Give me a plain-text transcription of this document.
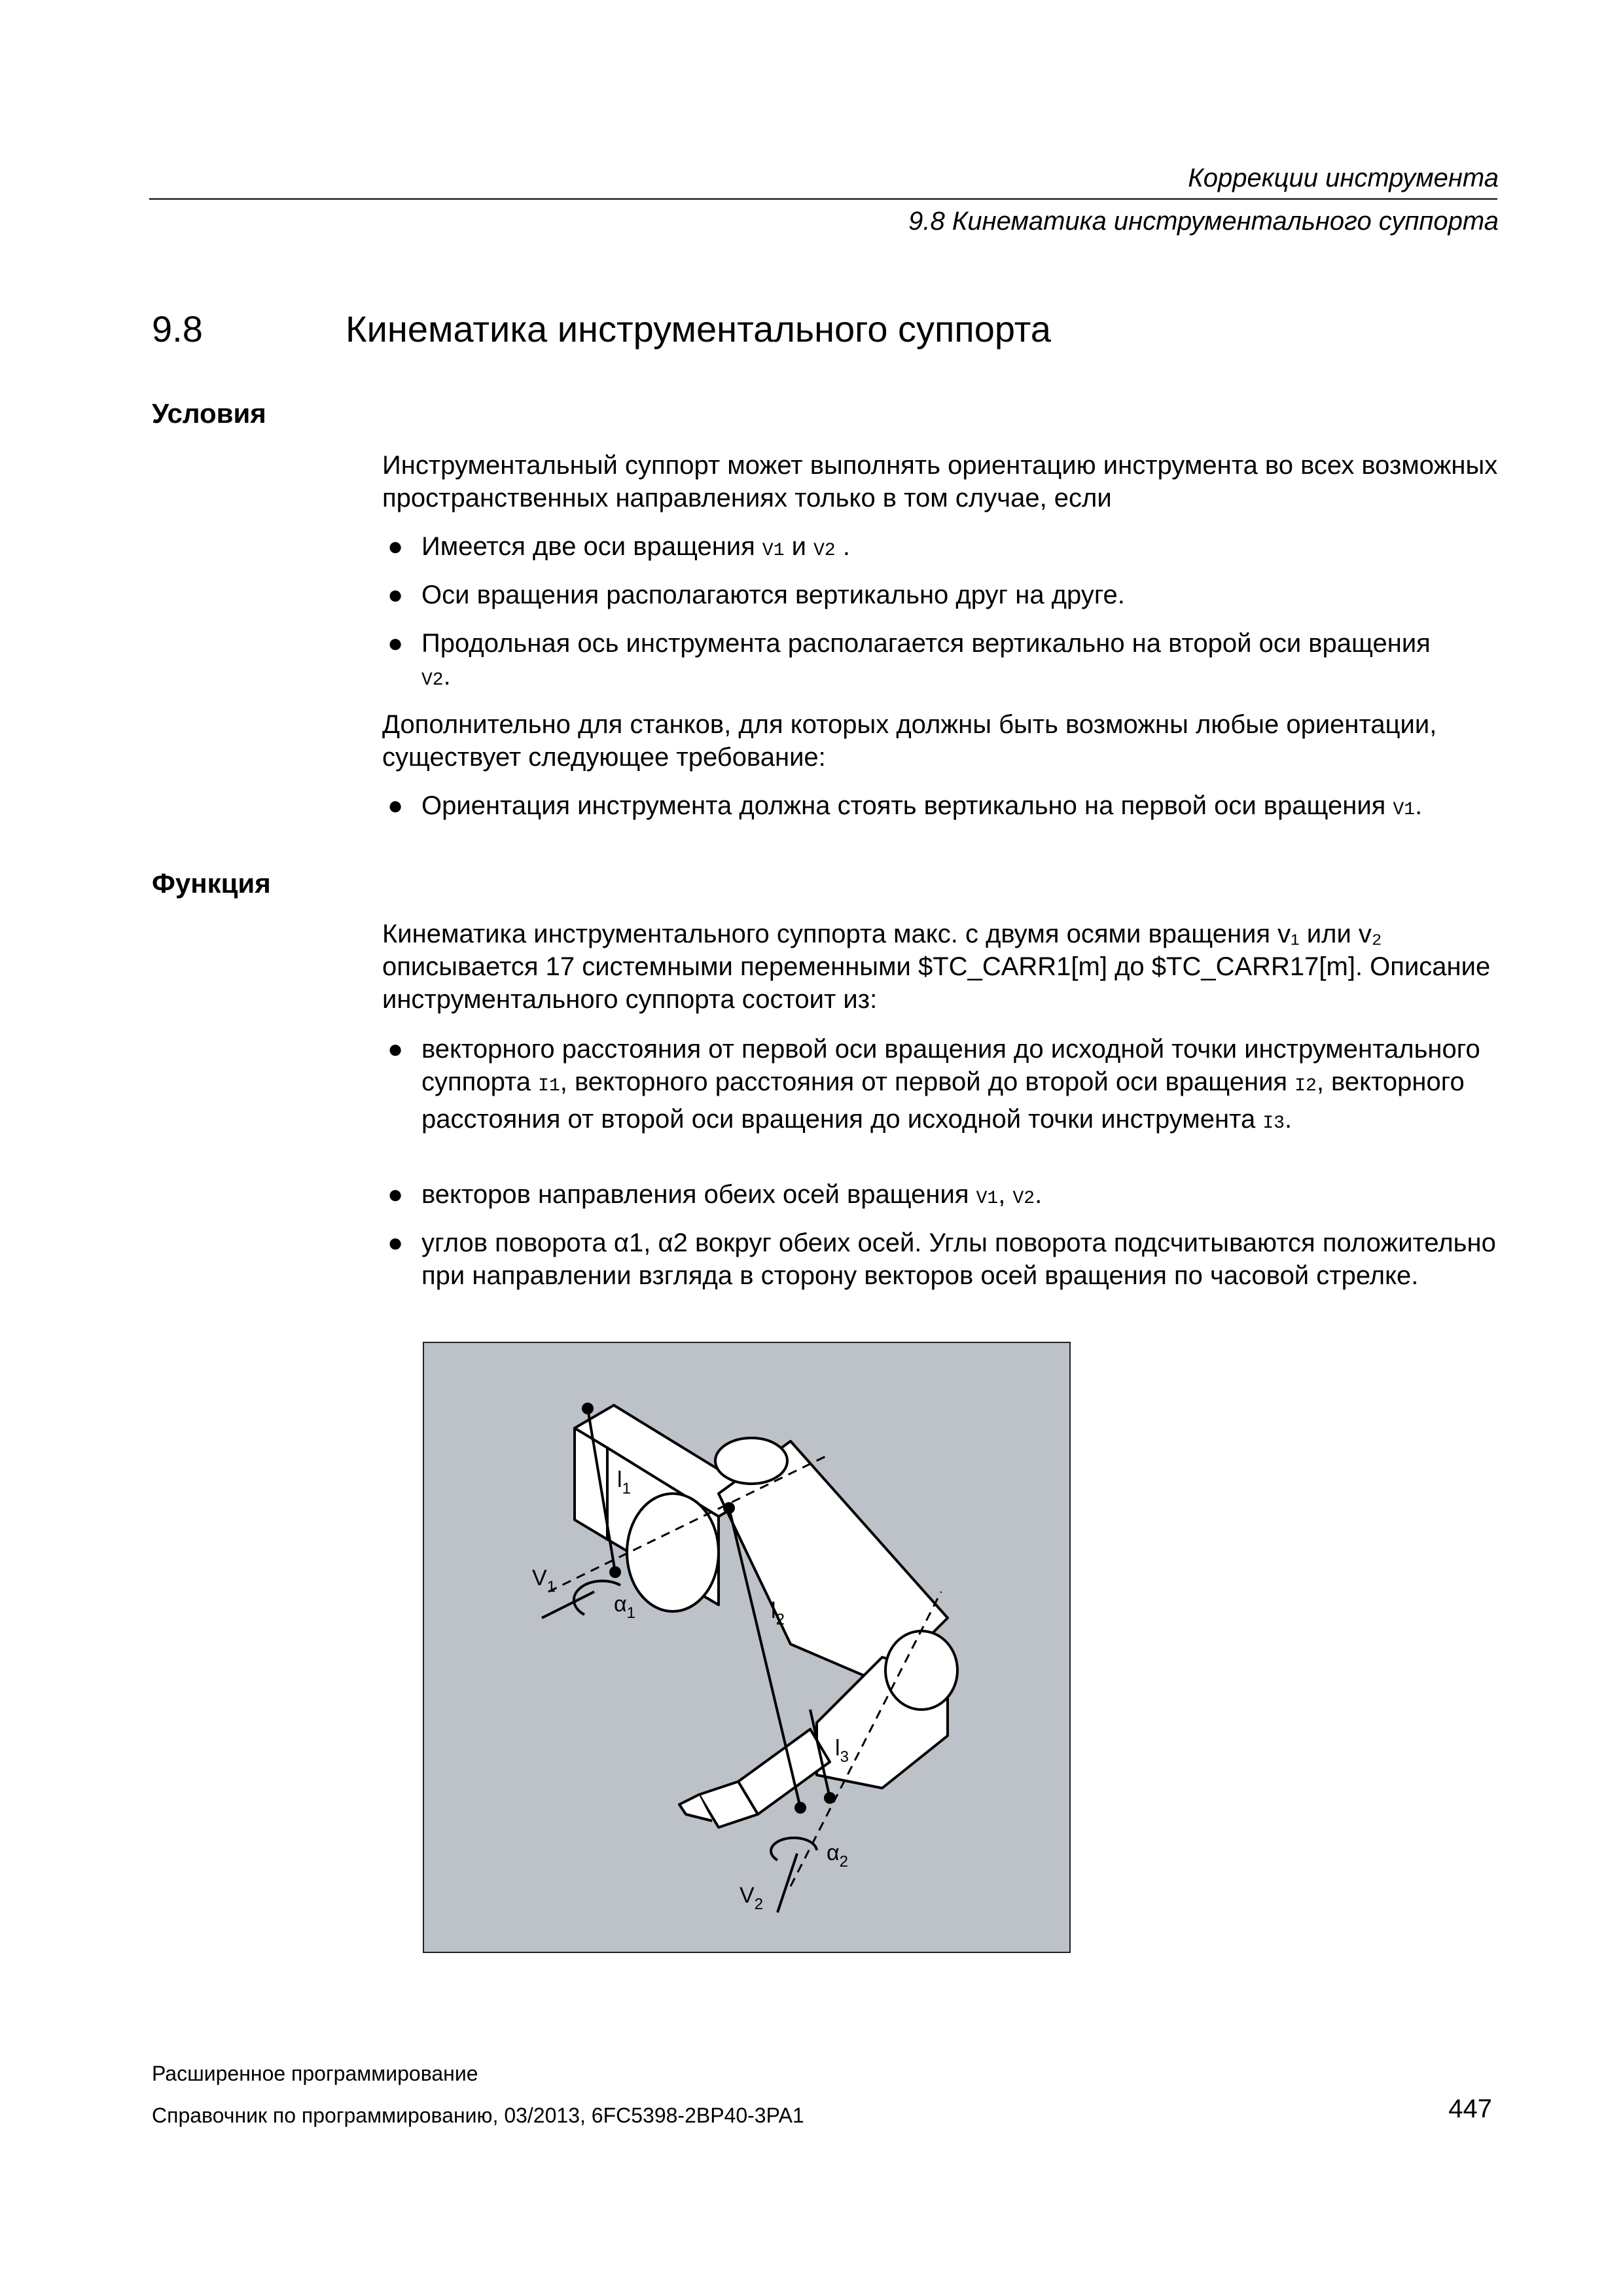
Коррекции инструмента
9.8 Кинематика инструментального суппорта
9.8	Кинематика инструментального суппорта
Условия
Инструментальный суппорт может выполнять ориентацию инструмента во всех возможных пространственных направлениях только в том случае, если
● Имеется две оси вращения V1 и V2 .
● Оси вращения располагаются вертикально друг на друге.
● Продольная ось инструмента располагается вертикально на второй оси вращения
V2.
Дополнительно для станков, для которых должны быть возможны любые ориентации, существует следующее требование:
● Ориентация инструмента должна стоять вертикально на первой оси вращения V1.
Функция
Кинематика инструментального суппорта макс. с двумя осями вращения v₁ или v₂ описывается 17 системными переменными $TC_CARR1[m] до $TC_CARR17[m]. Описание инструментального суппорта состоит из:
● векторного расстояния от первой оси вращения до исходной точки инструментального суппорта I1, векторного расстояния от первой до второй оси вращения I2, векторного расстояния от второй оси вращения до исходной точки инструмента I3.
● векторов направления обеих осей вращения V1, V2.
● углов поворота α1, α2 вокруг обеих осей. Углы поворота подсчитываются положительно при направлении взгляда в сторону векторов осей вращения по часовой стрелке.
$l_1$
$l_2$
$l_3$
$V_1$
$V_2$
$\alpha_1$
$\alpha_2$
Расширенное программирование
Справочник по программированию, 03/2013, 6FC5398-2BP40-3PA1	447
